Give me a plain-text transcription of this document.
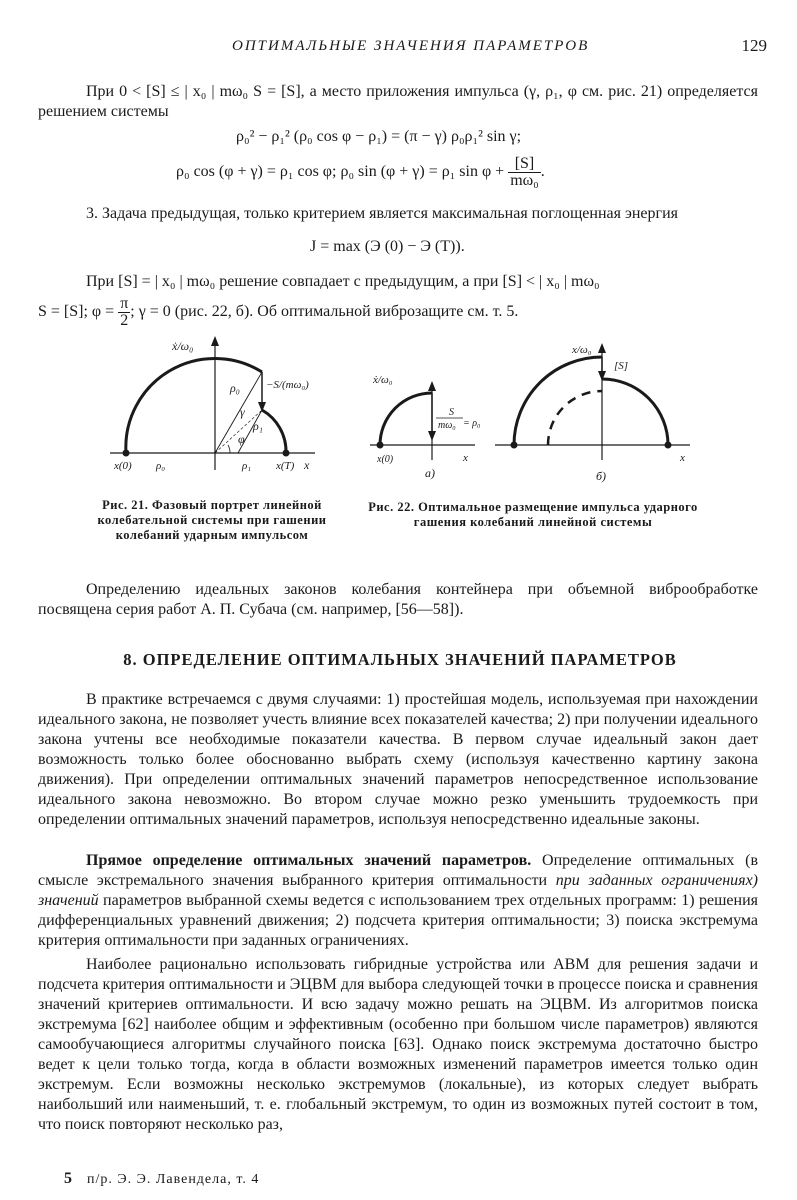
ОПТИМАЛЬНЫЕ ЗНАЧЕНИЯ ПАРАМЕТРОВ	129
При 0 < [S] ≤ | x₀ | mω₀ S = [S], а место приложения импульса (γ, ρ₁, φ см. рис. 21) определяется решением системы
ρ₀² − ρ₁² (ρ₀ cos φ − ρ₁) = (π − γ) ρ₀ρ₁² sin γ;
ρ₀ cos (φ + γ) = ρ₁ cos φ; ρ₀ sin (φ + γ) = ρ₁ $\sin \varphi + \frac{[S]}{\text{mω₀}}$ .
3. Задача предыдущая, только критерием является максимальная поглощенная энергия
J = max (Э (0) − Э (T)).
При [S] = | x₀ | mω₀ решение совпадает с предыдущим, а при [S] < | x₀ | mω₀
S = [S]; $\varphi = \frac{\pi}{2}$ ; γ = 0 (рис. 22, б). Об оптимальной виброзащите см. т. 5.
ẋ/ω₀
−S/(mω₀)
ρ₀
γ
ρ₁
φ
x(0) ρ₀	ρ₁ x(T) x
Рис. 21. Фазовый портрет линейной колебательной системы при гашении колебаний ударным импульсом
ẋ/ω₀
S
mω₀ = ρ₀
x(0)	x
a)
x/ω₀
[S]
x
б)
Рис. 22. Оптимальное размещение импульса ударного гашения колебаний линейной системы
Определению идеальных законов колебания контейнера при объемной виброобработке посвящена серия работ А. П. Субача (см. например, [56—58]).
8. ОПРЕДЕЛЕНИЕ ОПТИМАЛЬНЫХ ЗНАЧЕНИЙ ПАРАМЕТРОВ
В практике встречаемся с двумя случаями: 1) простейшая модель, используемая при нахождении идеального закона, не позволяет учесть влияние всех показателей качества; 2) при получении идеального закона учтены все необходимые показатели качества. В первом случае идеальный закон дает возможность только более обоснованно выбрать схему (используя качественно картину закона движения). При определении оптимальных значений параметров непосредственное использование идеального закона невозможно. Во втором случае можно резко уменьшить трудоемкость при определении оптимальных значений параметров, используя непосредственно идеальные законы.
Прямое определение оптимальных значений параметров. Определение оптимальных (в смысле экстремального значения выбранного критерия оптимальности при заданных ограничениях) значений параметров выбранной схемы ведется с использованием трех отдельных программ: 1) решения дифференциальных уравнений движения; 2) подсчета критерия оптимальности; 3) поиска экстремума критерия оптимальности при заданных ограничениях.
Наиболее рационально использовать гибридные устройства или АВМ для решения задачи и подсчета критерия оптимальности и ЭЦВМ для выбора следующей точки в процессе поиска и сравнения значений критериев оптимальности. И всю задачу можно решать на ЭЦВМ. Из алгоритмов поиска экстремума [62] наиболее общим и эффективным (особенно при большом числе параметров) являются самообучающиеся алгоритмы случайного поиска [63]. Однако поиск экстремума достаточно быстро ведет к цели только тогда, когда в области возможных изменений параметров имеется только один экстремум. Если возможны несколько экстремумов (локальные), из которых следует выбрать наибольший или наименьший, т. е. глобальный экстремум, то один из возможных путей состоит в том, что поиск повторяют несколько раз,
5 п/р. Э. Э. Лавендела, т. 4
